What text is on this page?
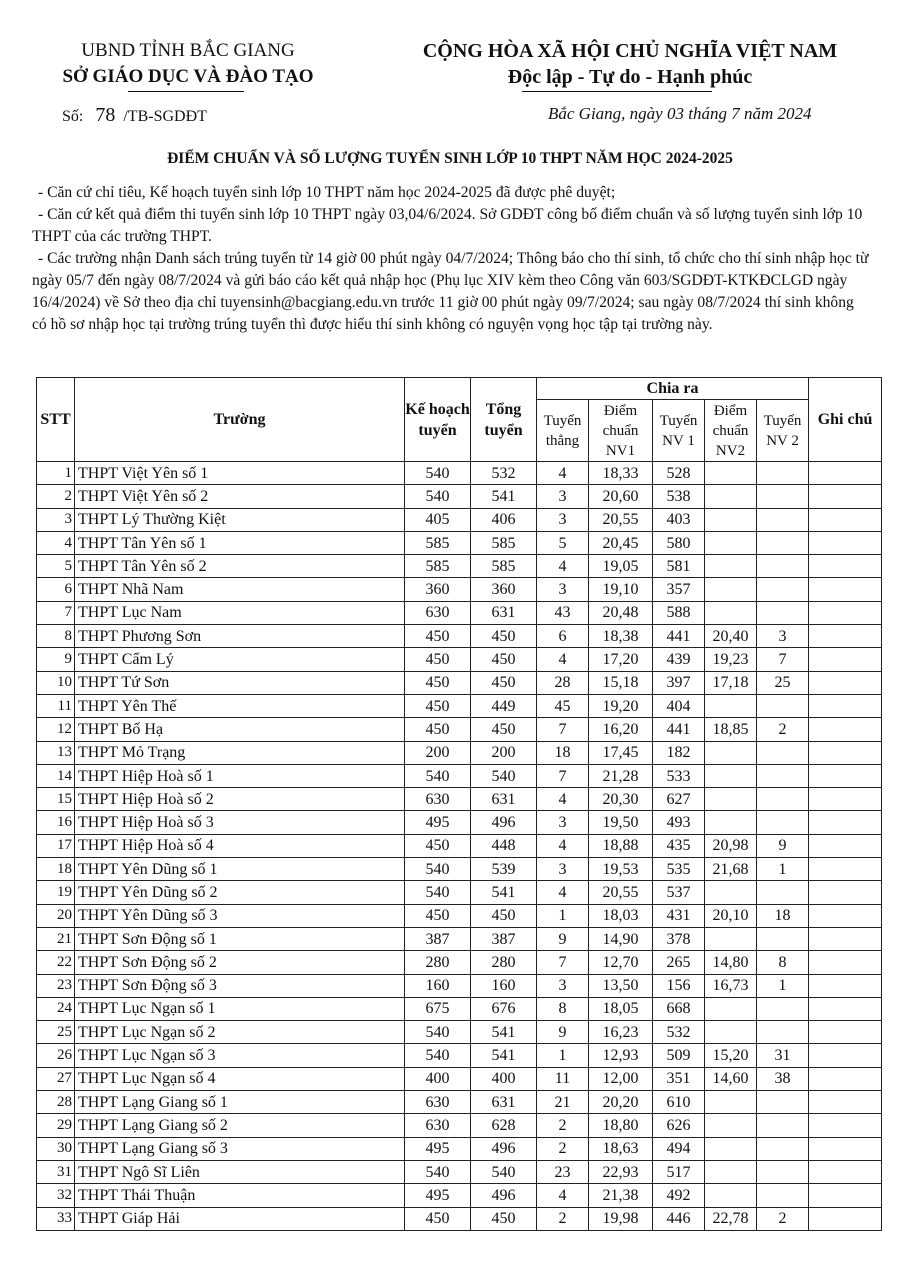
UBND TỈNH BẮC GIANG
SỞ GIÁO DỤC VÀ ĐÀO TẠO
CỘNG HÒA XÃ HỘI CHỦ NGHĨA VIỆT NAM
Độc lập - Tự do - Hạnh phúc
Số: 78 /TB-SGDĐT	Bắc Giang, ngày 03 tháng 7 năm 2024
ĐIỂM CHUẨN VÀ SỐ LƯỢNG TUYỂN SINH LỚP 10 THPT NĂM HỌC 2024-2025

- Căn cứ chỉ tiêu, Kế hoạch tuyển sinh lớp 10 THPT năm học 2024-2025 đã được phê duyệt;

- Căn cứ kết quả điểm thi tuyển sinh lớp 10 THPT ngày 03,04/6/2024. Sở GDĐT công bố điểm chuẩn và số lượng tuyển sinh lớp 10 THPT của các trường THPT.

- Các trường nhận Danh sách trúng tuyển từ 14 giờ 00 phút ngày 04/7/2024; Thông báo cho thí sinh, tổ chức cho thí sinh nhập học từ ngày 05/7 đến ngày 08/7/2024 và gửi báo cáo kết quả nhập học (Phụ lục XIV kèm theo Công văn 603/SGDĐT-KTKĐCLGD ngày 16/4/2024) về Sở theo địa chỉ tuyensinh@bacgiang.edu.vn trước 11 giờ 00 phút ngày 09/7/2024; sau ngày 08/7/2024 thí sinh không có hồ sơ nhập học tại trường trúng tuyển thì được hiểu thí sinh không có nguyện vọng học tập tại trường này.

STT	Trường	Kế hoạch tuyển	Tổng tuyển	Chia ra					Ghi chú
				Tuyển thẳng	Điểm chuẩn NV1	Tuyển NV 1	Điểm chuẩn NV2	Tuyển NV 2	
1	THPT Việt Yên số 1	540	532	4	18,33	528			
2	THPT Việt Yên số 2	540	541	3	20,60	538			
3	THPT Lý Thường Kiệt	405	406	3	20,55	403			
4	THPT Tân Yên số 1	585	585	5	20,45	580			
5	THPT Tân Yên số 2	585	585	4	19,05	581			
6	THPT Nhã Nam	360	360	3	19,10	357			
7	THPT Lục Nam	630	631	43	20,48	588			
8	THPT Phương Sơn	450	450	6	18,38	441	20,40	3	
9	THPT Cẩm Lý	450	450	4	17,20	439	19,23	7	
10	THPT Tứ Sơn	450	450	28	15,18	397	17,18	25	
11	THPT Yên Thế	450	449	45	19,20	404			
12	THPT Bố Hạ	450	450	7	16,20	441	18,85	2	
13	THPT Mỏ Trạng	200	200	18	17,45	182			
14	THPT Hiệp Hoà số 1	540	540	7	21,28	533			
15	THPT Hiệp Hoà số 2	630	631	4	20,30	627			
16	THPT Hiệp Hoà số 3	495	496	3	19,50	493			
17	THPT Hiệp Hoà số 4	450	448	4	18,88	435	20,98	9	
18	THPT Yên Dũng số 1	540	539	3	19,53	535	21,68	1	
19	THPT Yên Dũng số 2	540	541	4	20,55	537			
20	THPT Yên Dũng số 3	450	450	1	18,03	431	20,10	18	
21	THPT Sơn Động số 1	387	387	9	14,90	378			
22	THPT Sơn Động số 2	280	280	7	12,70	265	14,80	8	
23	THPT Sơn Động số 3	160	160	3	13,50	156	16,73	1	
24	THPT Lục Ngạn số 1	675	676	8	18,05	668			
25	THPT Lục Ngạn số 2	540	541	9	16,23	532			
26	THPT Lục Ngạn số 3	540	541	1	12,93	509	15,20	31	
27	THPT Lục Ngạn số 4	400	400	11	12,00	351	14,60	38	
28	THPT Lạng Giang số 1	630	631	21	20,20	610			
29	THPT Lạng Giang số 2	630	628	2	18,80	626			
30	THPT Lạng Giang số 3	495	496	2	18,63	494			
31	THPT Ngô Sĩ Liên	540	540	23	22,93	517			
32	THPT Thái Thuận	495	496	4	21,38	492			
33	THPT Giáp Hải	450	450	2	19,98	446	22,78	2	
